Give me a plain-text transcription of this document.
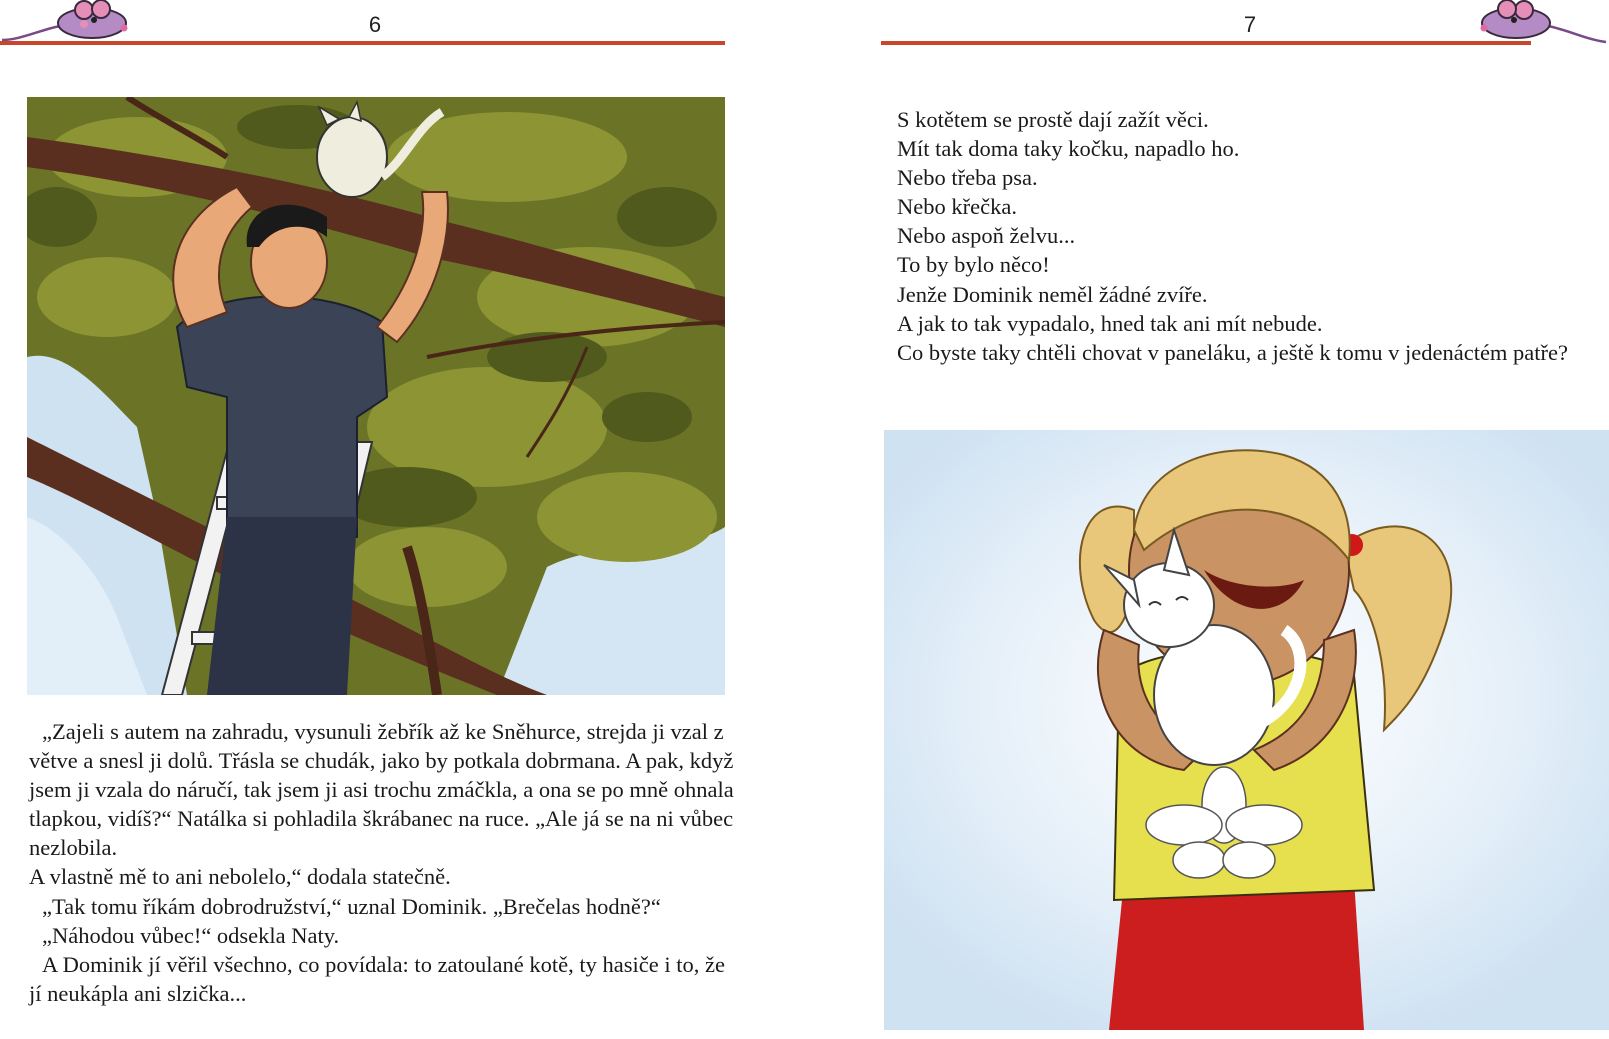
6

„Zajeli s autem na zahradu, vysunuli žebřík až ke Sněhurce, strejda ji vzal z větve a snesl ji dolů. Třásla se chudák, jako by potkala dobrmana. A pak, když jsem ji vzala do náručí, tak jsem ji asi trochu zmáčkla, a ona se po mně ohnala tlapkou, vidíš?“ Natálka si pohladila škrábanec na ruce. „Ale já se na ni vůbec nezlobila.

A vlastně mě to ani nebolelo,“ dodala statečně.

„Tak tomu říkám dobrodružství,“ uznal Dominik. „Brečelas hodně?“

„Náhodou vůbec!“ odsekla Naty.

A Dominik jí věřil všechno, co povídala: to zatoulané kotě, ty hasiče i to, že jí neukápla ani slzička...

7
S kotětem se prostě dají zažít věci.
Mít tak doma taky kočku, napadlo ho.
Nebo třeba psa.
Nebo křečka.
Nebo aspoň želvu...
To by bylo něco!
Jenže Dominik neměl žádné zvíře.
A jak to tak vypadalo, hned tak ani mít nebude.
Co byste taky chtěli chovat v paneláku, a ještě k tomu v jedenáctém patře?
